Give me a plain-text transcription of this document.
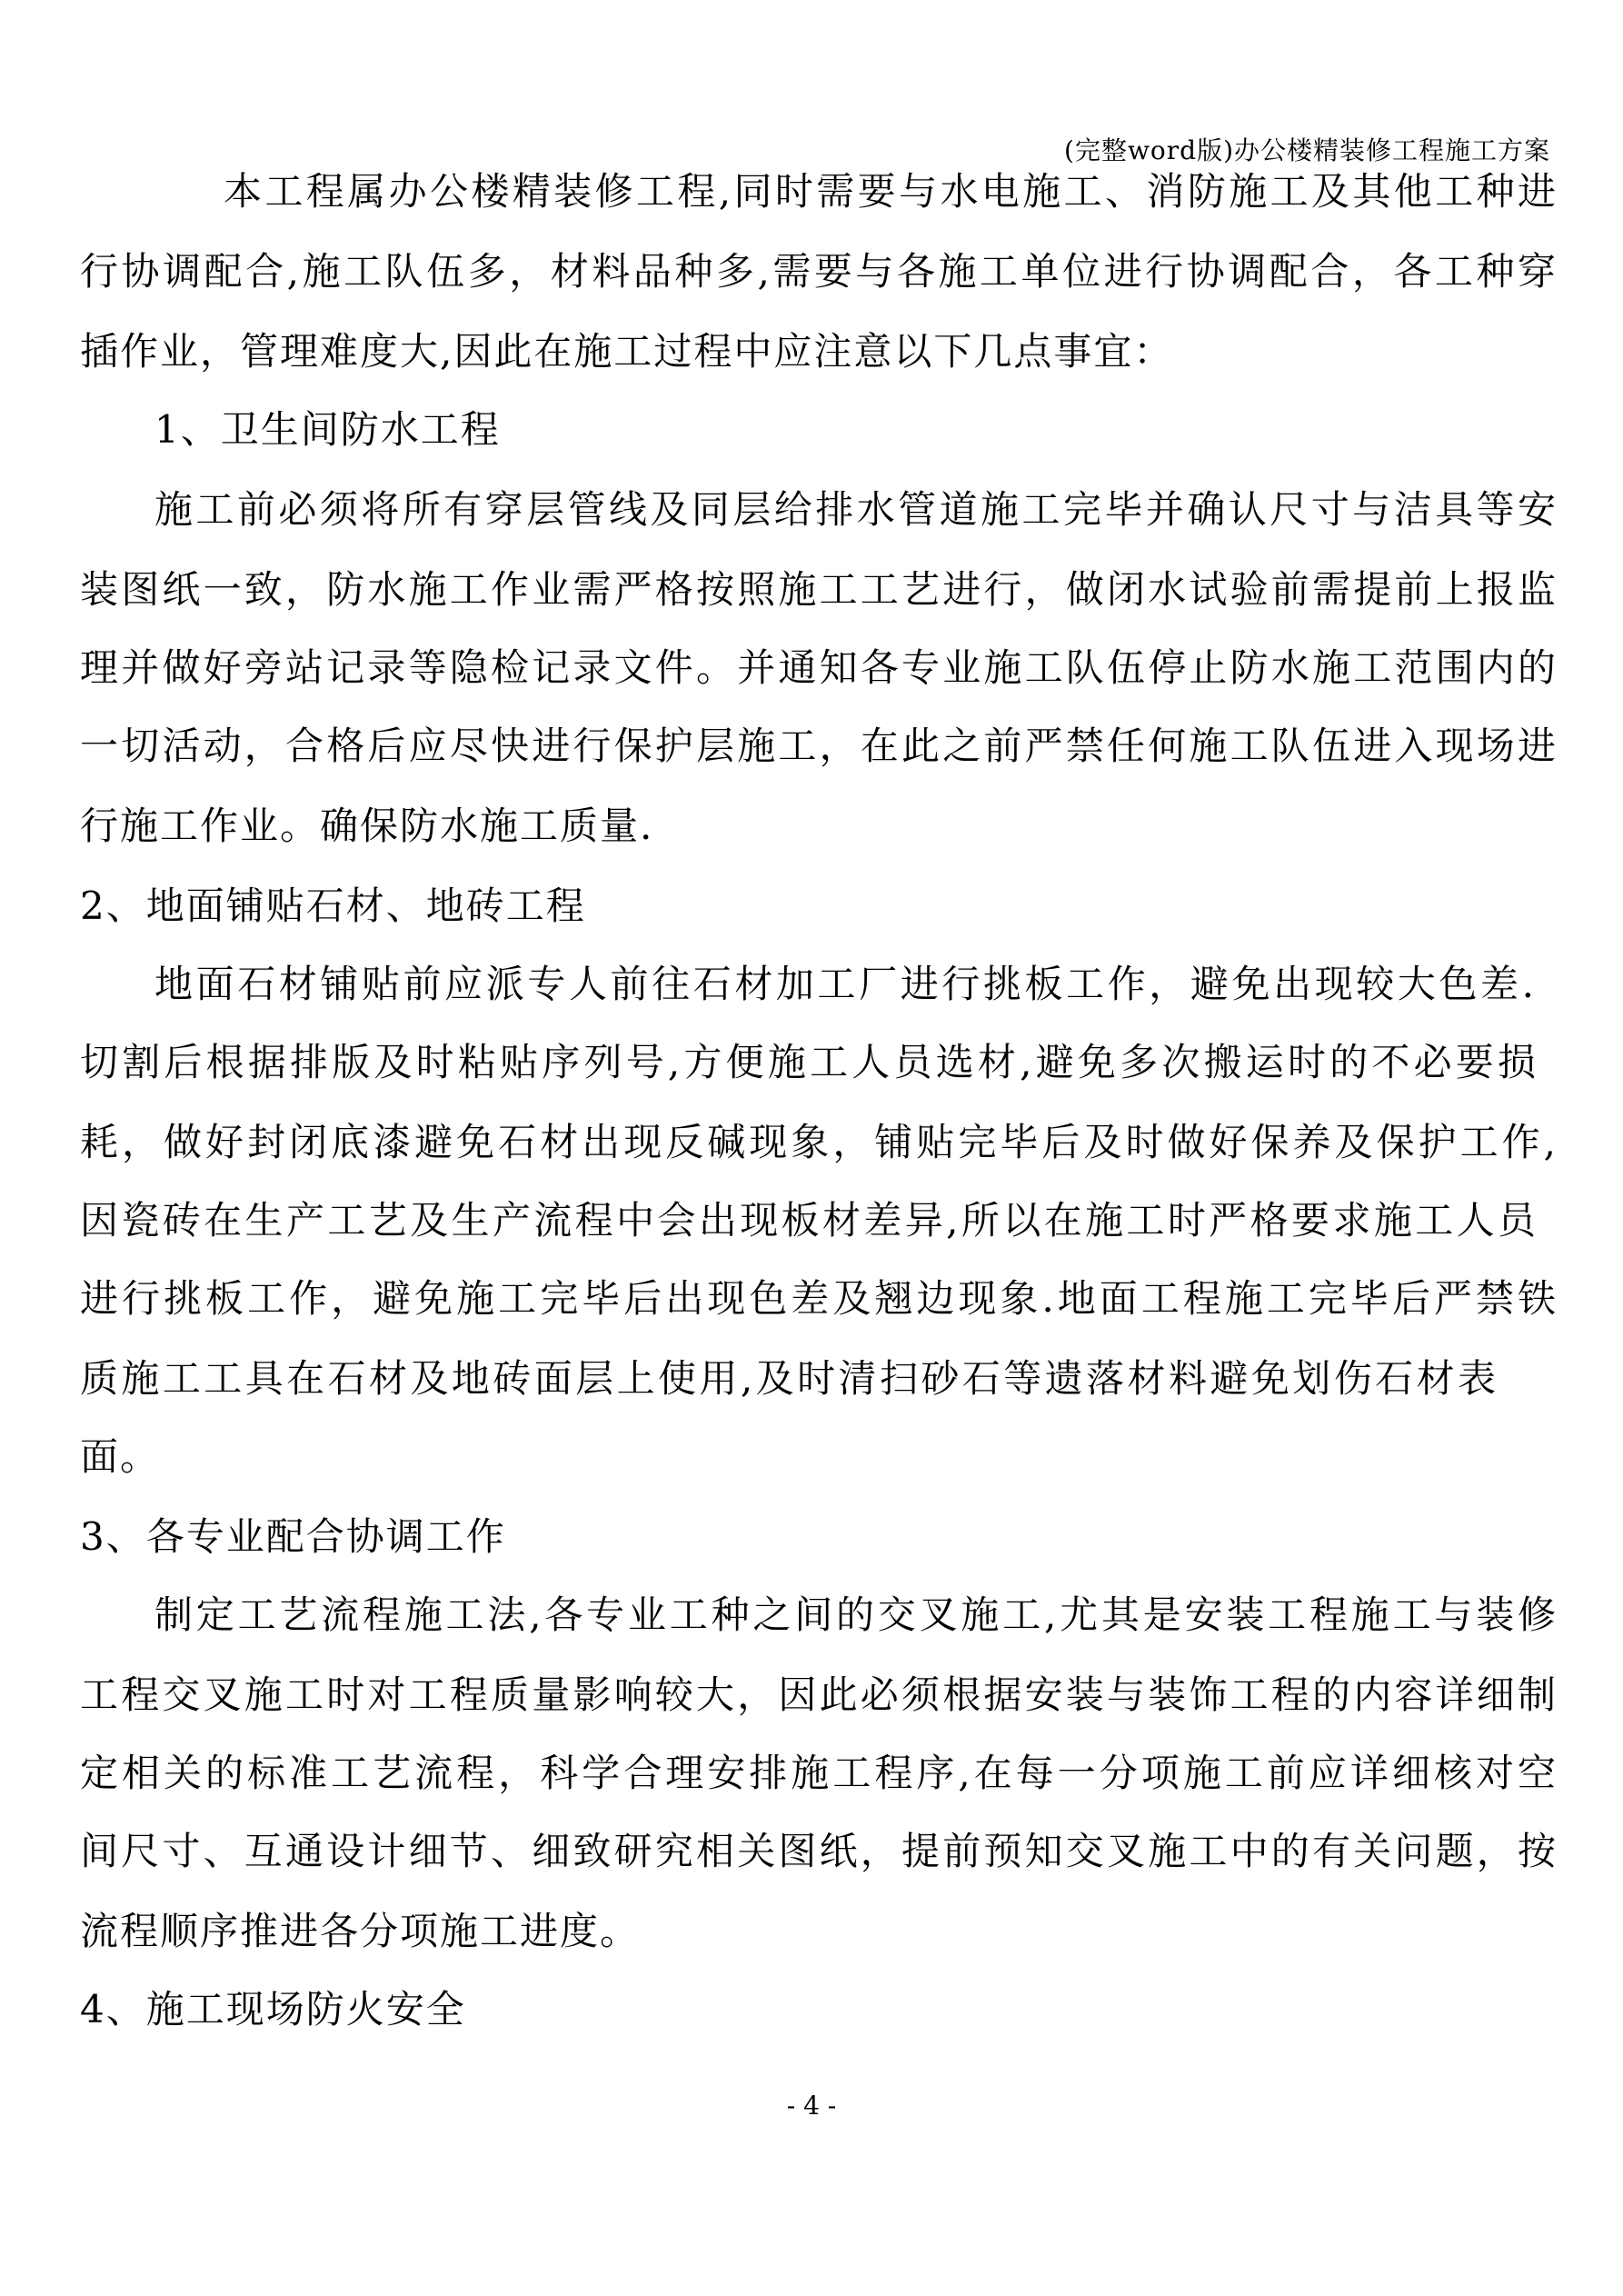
(完整word版)办公楼精装修工程施工方案
本工程属办公楼精装修工程,同时需要与水电施工、消防施工及其他工种进
行协调配合,施工队伍多，材料品种多,需要与各施工单位进行协调配合，各工种穿
插作业，管理难度大,因此在施工过程中应注意以下几点事宜：
1、卫生间防水工程
施工前必须将所有穿层管线及同层给排水管道施工完毕并确认尺寸与洁具等安
装图纸一致，防水施工作业需严格按照施工工艺进行，做闭水试验前需提前上报监
理并做好旁站记录等隐检记录文件。并通知各专业施工队伍停止防水施工范围内的
一切活动，合格后应尽快进行保护层施工，在此之前严禁任何施工队伍进入现场进
行施工作业。确保防水施工质量.
2、地面铺贴石材、地砖工程
地面石材铺贴前应派专人前往石材加工厂进行挑板工作，避免出现较大色差.
切割后根据排版及时粘贴序列号,方便施工人员选材,避免多次搬运时的不必要损
耗，做好封闭底漆避免石材出现反碱现象，铺贴完毕后及时做好保养及保护工作,
因瓷砖在生产工艺及生产流程中会出现板材差异,所以在施工时严格要求施工人员
进行挑板工作，避免施工完毕后出现色差及翘边现象.地面工程施工完毕后严禁铁
质施工工具在石材及地砖面层上使用,及时清扫砂石等遗落材料避免划伤石材表
面。
3、各专业配合协调工作
制定工艺流程施工法,各专业工种之间的交叉施工,尤其是安装工程施工与装修
工程交叉施工时对工程质量影响较大，因此必须根据安装与装饰工程的内容详细制
定相关的标准工艺流程，科学合理安排施工程序,在每一分项施工前应详细核对空
间尺寸、互通设计细节、细致研究相关图纸，提前预知交叉施工中的有关问题，按
流程顺序推进各分项施工进度。
4、施工现场防火安全
- 4 -
